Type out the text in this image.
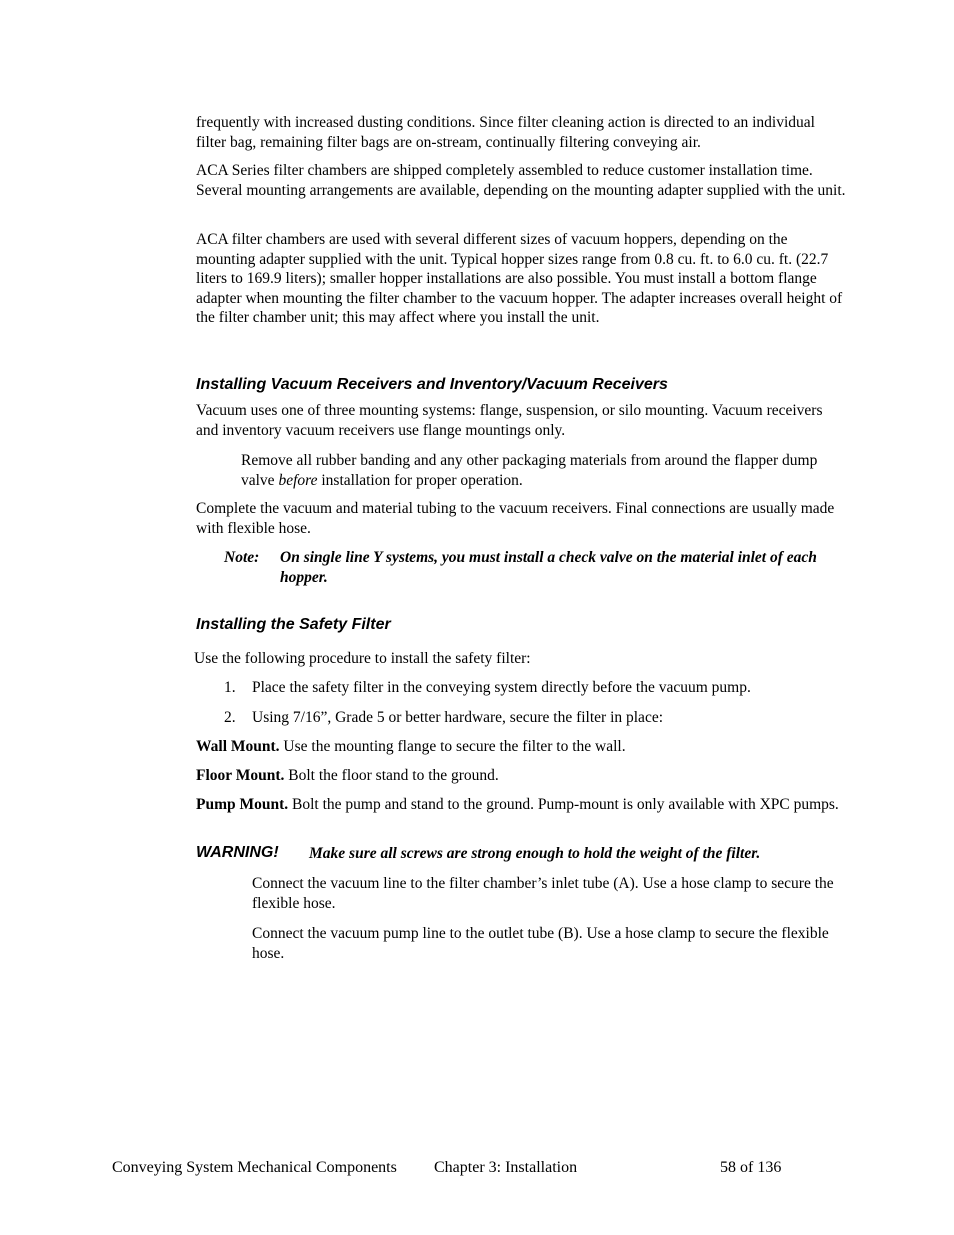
frequently with increased dusting conditions. Since filter cleaning action is directed to an individual filter bag, remaining filter bags are on-stream, continually filtering conveying air.

ACA Series filter chambers are shipped completely assembled to reduce customer installation time. Several mounting arrangements are available, depending on the mounting adapter supplied with the unit.

ACA filter chambers are used with several different sizes of vacuum hoppers, depending on the mounting adapter supplied with the unit. Typical hopper sizes range from 0.8 cu. ft. to 6.0 cu. ft. (22.7 liters to 169.9 liters); smaller hopper installations are also possible. You must install a bottom flange adapter when mounting the filter chamber to the vacuum hopper. The adapter increases overall height of the filter chamber unit; this may affect where you install the unit.

Installing Vacuum Receivers and Inventory/Vacuum Receivers

Vacuum uses one of three mounting systems: flange, suspension, or silo mounting. Vacuum receivers and inventory vacuum receivers use flange mountings only.

Remove all rubber banding and any other packaging materials from around the flapper dump valve before installation for proper operation.

Complete the vacuum and material tubing to the vacuum receivers. Final connections are usually made with flexible hose.

Note: On single line Y systems, you must install a check valve on the material inlet of each hopper.

Installing the Safety Filter

Use the following procedure to install the safety filter:

1. Place the safety filter in the conveying system directly before the vacuum pump.

2. Using 7/16”, Grade 5 or better hardware, secure the filter in place:

Wall Mount. Use the mounting flange to secure the filter to the wall.

Floor Mount. Bolt the floor stand to the ground.

Pump Mount. Bolt the pump and stand to the ground. Pump-mount is only available with XPC pumps.

WARNING! Make sure all screws are strong enough to hold the weight of the filter.

Connect the vacuum line to the filter chamber’s inlet tube (A). Use a hose clamp to secure the flexible hose.

Connect the vacuum pump line to the outlet tube (B). Use a hose clamp to secure the flexible hose.

Conveying System Mechanical Components Chapter 3: Installation	58 of 136
